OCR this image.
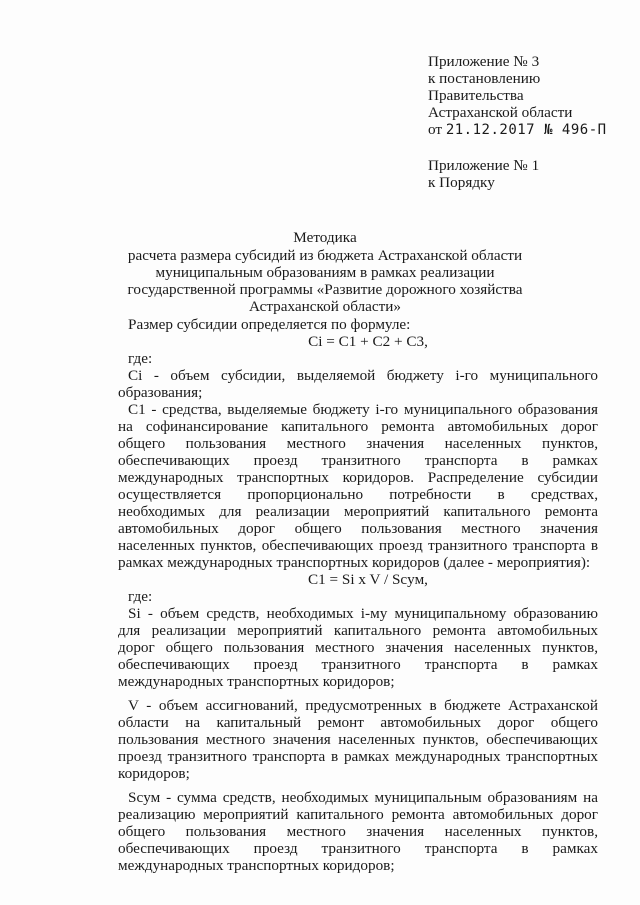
Приложение № 3
к постановлению
Правительства
Астраханской области
от 21.12.2017 № 496-П
Приложение № 1
к Порядку
Методика
расчета размера субсидий из бюджета Астраханской области муниципальным образованиям в рамках реализации государственной программы «Развитие дорожного хозяйства Астраханской области»

Размер субсидии определяется по формуле:

Ci = C1 + C2 + C3,

где:

Ci - объем субсидии, выделяемой бюджету i-го муниципального образования;

C1 - средства, выделяемые бюджету i-го муниципального образования на софинансирование капитального ремонта автомобильных дорог общего пользования местного значения населенных пунктов, обеспечивающих проезд транзитного транспорта в рамках международных транспортных коридоров. Распределение субсидии осуществляется пропорционально потребности в средствах, необходимых для реализации мероприятий капитального ремонта автомобильных дорог общего пользования местного значения населенных пунктов, обеспечивающих проезд транзитного транспорта в рамках международных транспортных коридоров (далее - мероприятия):

C1 = Si x V / Scум,

где:

Si - объем средств, необходимых i-му муниципальному образованию для реализации мероприятий капитального ремонта автомобильных дорог общего пользования местного значения населенных пунктов, обеспечивающих проезд транзитного транспорта в рамках международных транспортных коридоров;

V - объем ассигнований, предусмотренных в бюджете Астраханской области на капитальный ремонт автомобильных дорог общего пользования местного значения населенных пунктов, обеспечивающих проезд транзитного транспорта в рамках международных транспортных коридоров;

Scум - сумма средств, необходимых муниципальным образованиям на реализацию мероприятий капитального ремонта автомобильных дорог общего пользования местного значения населенных пунктов, обеспечивающих проезд транзитного транспорта в рамках международных транспортных коридоров;
